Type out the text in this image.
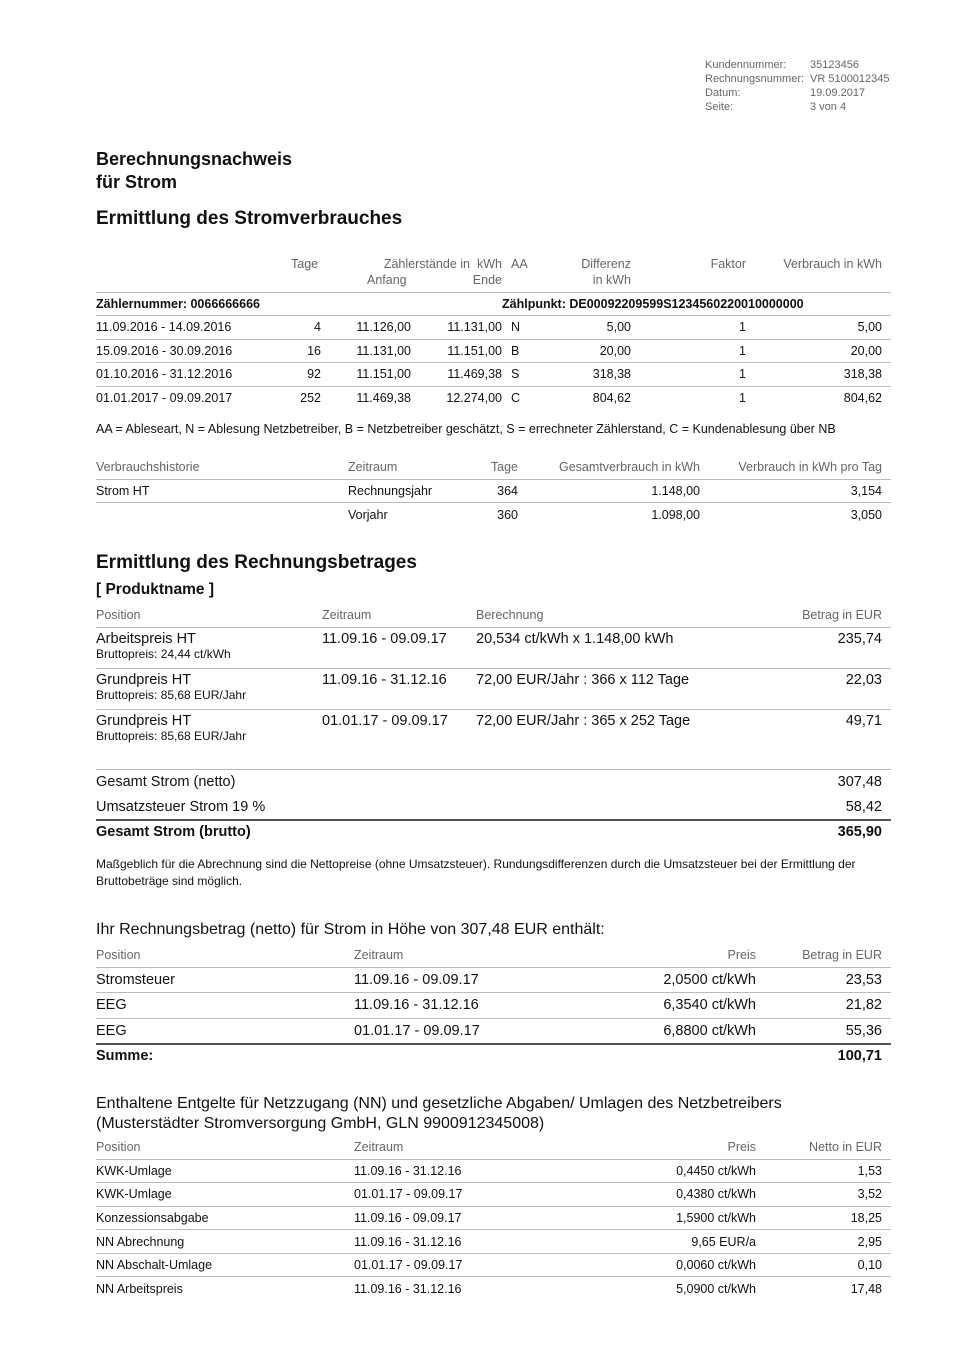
Kundennummer:	35123456
Rechnungsnummer: VR 5100012345
Datum:	19.09.2017
Seite:	3 von 4
Berechnungsnachweis
für Strom
Ermittlung des Stromverbrauches
Tage	Zählerstände in kWh
Anfang	Ende
AA	Differenz
in kWh
Faktor	Verbrauch in kWh
Zählernummer: 0066666666				Zählpunkt: DE00092209599S1234560220010000000			
11.09.2016 - 14.09.2016	4	11.126,00	11.131,00	N	5,00	1	5,00
15.09.2016 - 30.09.2016	16	11.131,00	11.151,00	B	20,00	1	20,00
01.10.2016 - 31.12.2016	92	11.151,00	11.469,38	S	318,38	1	318,38
01.01.2017 - 09.09.2017	252	11.469,38	12.274,00	C	804,62	1	804,62
AA = Ableseart, N = Ablesung Netzbetreiber, B = Netzbetreiber geschätzt, S = errechneter Zählerstand, C = Kundenablesung über NB
Verbrauchshistorie	Zeitraum	Tage	Gesamtverbrauch in kWh	Verbrauch in kWh pro Tag
Strom HT	Rechnungsjahr	364	1.148,00	3,154
	Vorjahr	360	1.098,00	3,050
Ermittlung des Rechnungsbetrages
[ Produktname ]
Position	Zeitraum	Berechnung	Betrag in EUR

Arbeitspreis HT
Bruttopreis: 24,44 ct/kWh	11.09.16 - 09.09.17	20,534 ct/kWh x 1.148,00 kWh	235,74

Grundpreis HT
Bruttopreis: 85,68 EUR/Jahr	11.09.16 - 31.12.16	72,00 EUR/Jahr : 366 x 112 Tage	22,03

Grundpreis HT
Bruttopreis: 85,68 EUR/Jahr	01.01.17 - 09.09.17	72,00 EUR/Jahr : 365 x 252 Tage	49,71
Gesamt Strom (netto)	307,48
Umsatzsteuer Strom 19 %	58,42
Gesamt Strom (brutto)	365,90
Maßgeblich für die Abrechnung sind die Nettopreise (ohne Umsatzsteuer). Rundungsdifferenzen durch die Umsatzsteuer bei der Ermittlung der Bruttobeträge sind möglich.
Ihr Rechnungsbetrag (netto) für Strom in Höhe von 307,48 EUR enthält:
Position	Zeitraum	Preis	Betrag in EUR
Stromsteuer	11.09.16 - 09.09.17	2,0500 ct/kWh	23,53
EEG	11.09.16 - 31.12.16	6,3540 ct/kWh	21,82
EEG	01.01.17 - 09.09.17	6,8800 ct/kWh	55,36
Summe:			100,71
Enthaltene Entgelte für Netzzugang (NN) und gesetzliche Abgaben/ Umlagen des Netzbetreibers
(Musterstädter Stromversorgung GmbH, GLN 9900912345008)
Position	Zeitraum	Preis	Netto in EUR
KWK-Umlage	11.09.16 - 31.12.16	0,4450 ct/kWh	1,53
KWK-Umlage	01.01.17 - 09.09.17	0,4380 ct/kWh	3,52
Konzessionsabgabe	11.09.16 - 09.09.17	1,5900 ct/kWh	18,25
NN Abrechnung	11.09.16 - 31.12.16	9,65 EUR/a	2,95
NN Abschalt-Umlage	01.01.17 - 09.09.17	0,0060 ct/kWh	0,10
NN Arbeitspreis	11.09.16 - 31.12.16	5,0900 ct/kWh	17,48
